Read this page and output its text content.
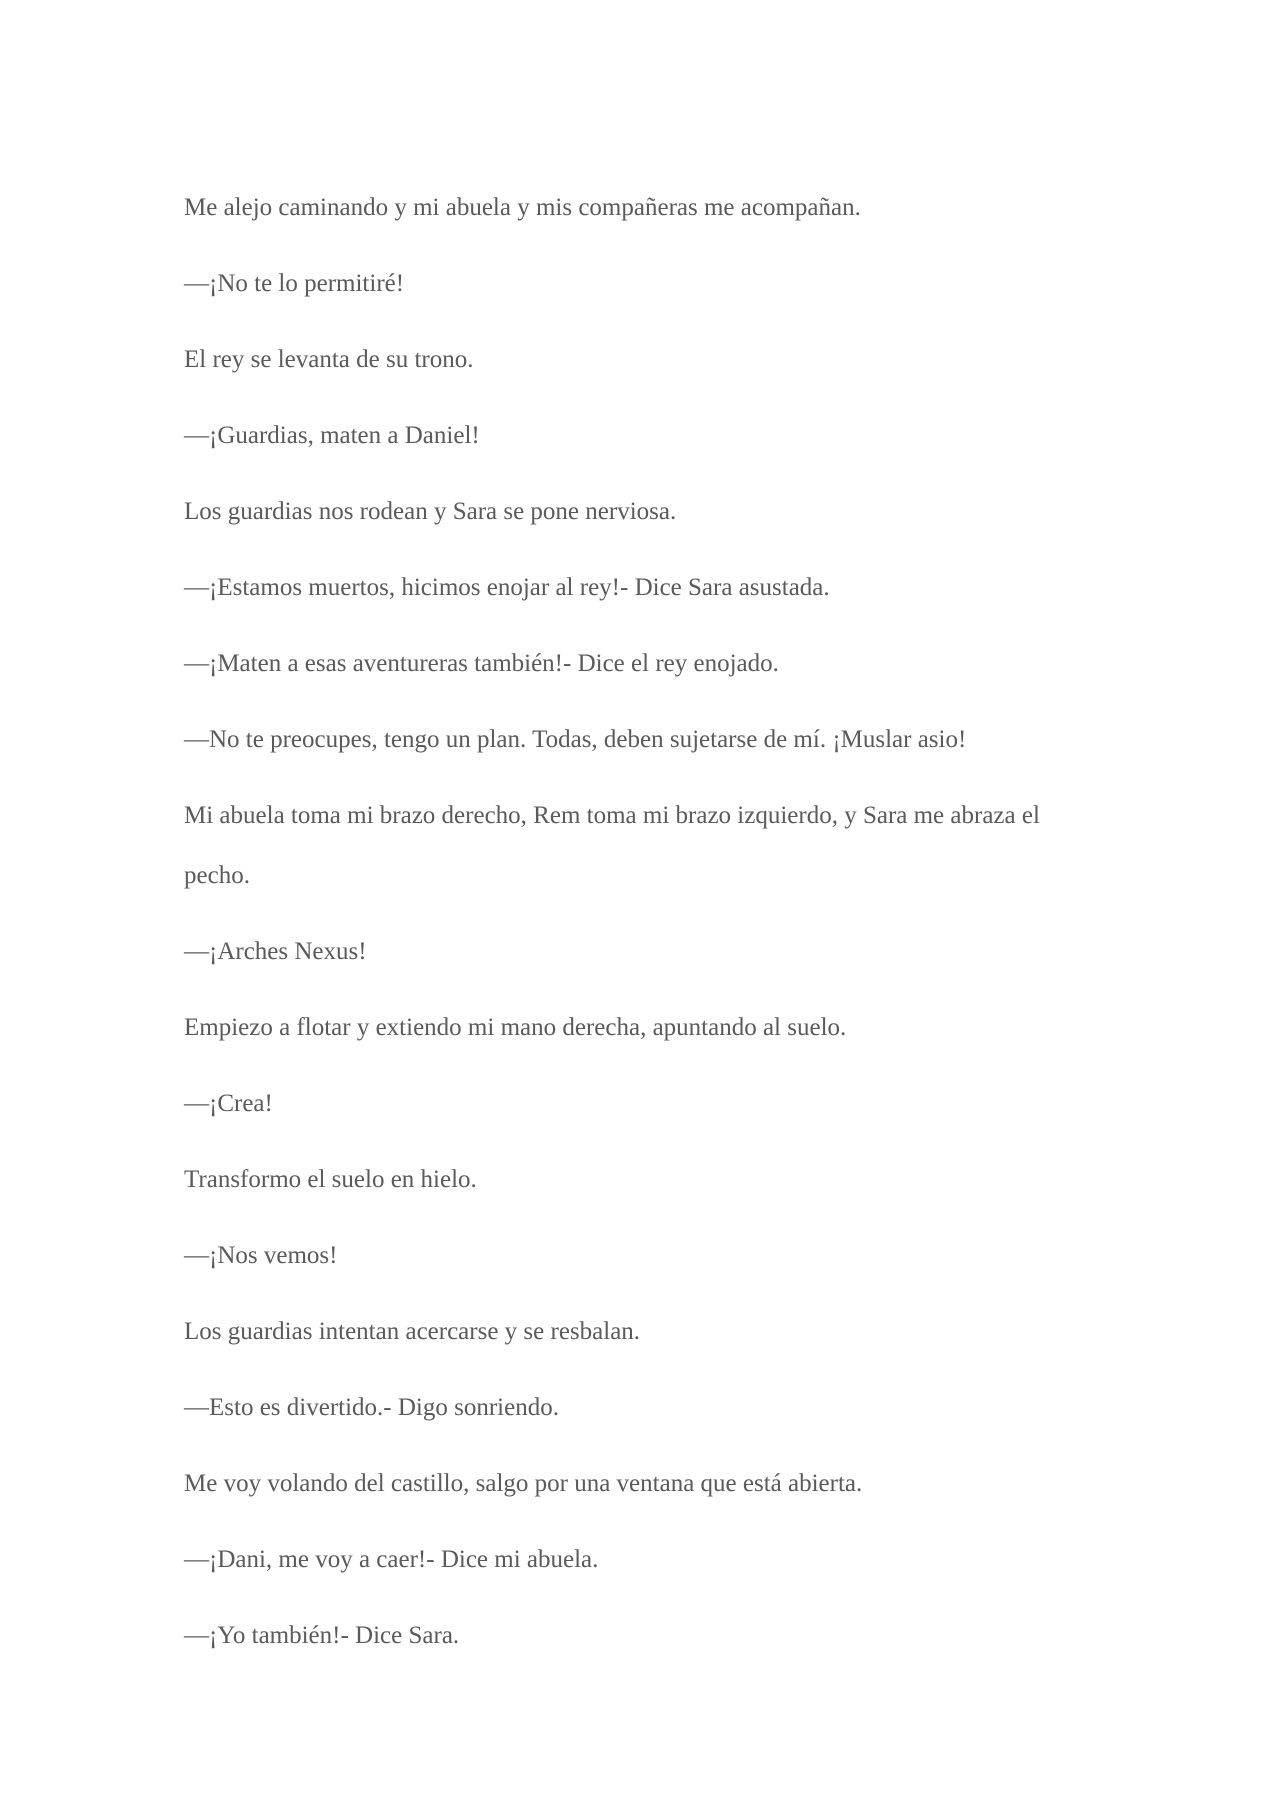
Me alejo caminando y mi abuela y mis compañeras me acompañan.

—¡No te lo permitiré!

El rey se levanta de su trono.

—¡Guardias, maten a Daniel!

Los guardias nos rodean y Sara se pone nerviosa.

—¡Estamos muertos, hicimos enojar al rey!- Dice Sara asustada.

—¡Maten a esas aventureras también!- Dice el rey enojado.

—No te preocupes, tengo un plan. Todas, deben sujetarse de mí. ¡Muslar asio!

Mi abuela toma mi brazo derecho, Rem toma mi brazo izquierdo, y Sara me abraza el pecho.

—¡Arches Nexus!

Empiezo a flotar y extiendo mi mano derecha, apuntando al suelo.

—¡Crea!

Transformo el suelo en hielo.

—¡Nos vemos!

Los guardias intentan acercarse y se resbalan.

—Esto es divertido.- Digo sonriendo.

Me voy volando del castillo, salgo por una ventana que está abierta.

—¡Dani, me voy a caer!- Dice mi abuela.

—¡Yo también!- Dice Sara.
